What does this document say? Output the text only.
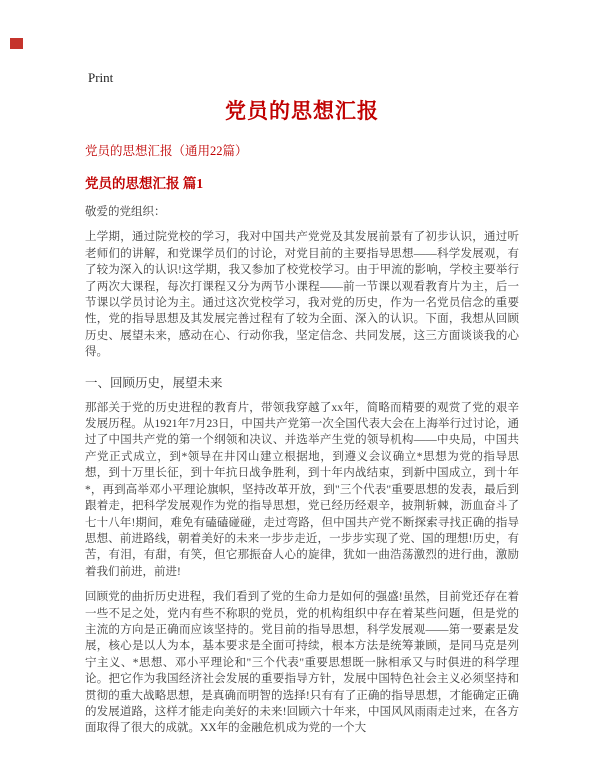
Print
党员的思想汇报
党员的思想汇报（通用22篇）
党员的思想汇报 篇1

敬爱的党组织：

上学期，通过院党校的学习，我对中国共产党党及其发展前景有了初步认识，通过听老师们的讲解，和党课学员们的讨论，对党目前的主要指导思想——科学发展观，有了较为深入的认识!这学期，我又参加了校党校学习。由于甲流的影响，学校主要举行了两次大课程，每次打课程又分为两节小课程——前一节课以观看教育片为主，后一节课以学员讨论为主。通过这次党校学习，我对党的历史，作为一名党员信念的重要性，党的指导思想及其发展完善过程有了较为全面、深入的认识。下面，我想从回顾历史、展望未来，感动在心、行动你我，坚定信念、共同发展，这三方面谈谈我的心得。

一、回顾历史，展望未来

那部关于党的历史进程的教育片，带领我穿越了xx年，简略而精要的观赏了党的艰辛发展历程。从1921年7月23日，中国共产党第一次全国代表大会在上海举行过讨论，通过了中国共产党的第一个纲领和决议、并选举产生党的领导机构——中央局，中国共产党正式成立，到*领导在井冈山建立根据地，到遵义会议确立*思想为党的指导思想，到十万里长征，到十年抗日战争胜利，到十年内战结束，到新中国成立，到十年*，再到高举邓小平理论旗帜，坚持改革开放，到"三个代表"重要思想的发表，最后到跟着走，把科学发展观作为党的指导思想，党已经历经艰辛，披荆斩棘，沥血奋斗了七十八年!期间，难免有磕磕碰碰，走过弯路，但中国共产党不断探索寻找正确的指导思想、前进路线，朝着美好的未来一步步走近，一步步实现了党、国的理想!历史，有苦，有泪，有甜，有笑，但它那振奋人心的旋律，犹如一曲浩荡激烈的进行曲，激励着我们前进，前进!

回顾党的曲折历史进程，我们看到了党的生命力是如何的强盛!虽然，目前党还存在着一些不足之处，党内有些不称职的党员，党的机构组织中存在着某些问题，但是党的主流的方向是正确而应该坚持的。党目前的指导思想，科学发展观——第一要素是发展，核心是以人为本，基本要求是全面可持续，根本方法是统筹兼顾，是同马克是列宁主义、*思想、邓小平理论和"三个代表"重要思想既一脉相承又与时俱进的科学理论。把它作为我国经济社会发展的重要指导方针，发展中国特色社会主义必须坚持和贯彻的重大战略思想，是真确而明智的选择!只有有了正确的指导思想，才能确定正确的发展道路，这样才能走向美好的未来!回顾六十年来，中国风风雨雨走过来，在各方面取得了很大的成就。XX年的金融危机成为党的一个大
